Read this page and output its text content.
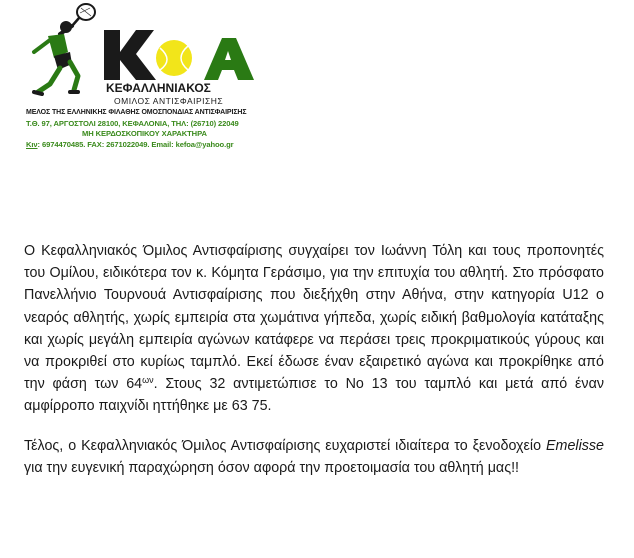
ΚΕΦΑΛΛΗΝΙΑΚΟΣ
ΟΜΙΛΟΣ ΑΝΤΙΣΦΑΙΡΙΣΗΣ
ΜΕΛΟΣ ΤΗΣ ΕΛΛΗΝΙΚΗΣ ΦΙΛΑΘΗΣ ΟΜΟΣΠΟΝΔΙΑΣ ΑΝΤΙΣΦΑΙΡΙΣΗΣ
Τ.Θ. 97, ΑΡΓΟΣΤΟΛΙ 28100, ΚΕΦΑΛΟΝΙΑ, ΤΗΛ: (26710) 22049
ΜΗ ΚΕΡΔΟΣΚΟΠΙΚΟΥ ΧΑΡΑΚΤΗΡΑ
Κιν: 6974470485. FAX: 2671022049. Email: kefoa@yahoo.gr

Ο Κεφαλληνιακός Όμιλος Αντισφαίρισης συγχαίρει τον Ιωάννη Τόλη και τους προπονητές του Ομίλου, ειδικότερα τον κ. Κόμητα Γεράσιμο, για την επιτυχία του αθλητή. Στο πρόσφατο Πανελλήνιο Τουρνουά Αντισφαίρισης που διεξήχθη στην Αθήνα, στην κατηγορία U12 ο νεαρός αθλητής, χωρίς εμπειρία στα χωμάτινα γήπεδα, χωρίς ειδική βαθμολογία κατάταξης και χωρίς μεγάλη εμπειρία αγώνων κατάφερε να περάσει τρεις προκριματικούς γύρους και να προκριθεί στο κυρίως ταμπλό. Εκεί έδωσε έναν εξαιρετικό αγώνα και προκρίθηκε από την φάση των $64^{\omega\nu}$. Στους 32 αντιμετώπισε το Νο 13 του ταμπλό και μετά από έναν αμφίρροπο παιχνίδι ηττήθηκε με 63 75.

Τέλος, ο Κεφαλληνιακός Όμιλος Αντισφαίρισης ευχαριστεί ιδιαίτερα το ξενοδοχείο Emelisse για την ευγενική παραχώρηση όσον αφορά την προετοιμασία του αθλητή μας!!
